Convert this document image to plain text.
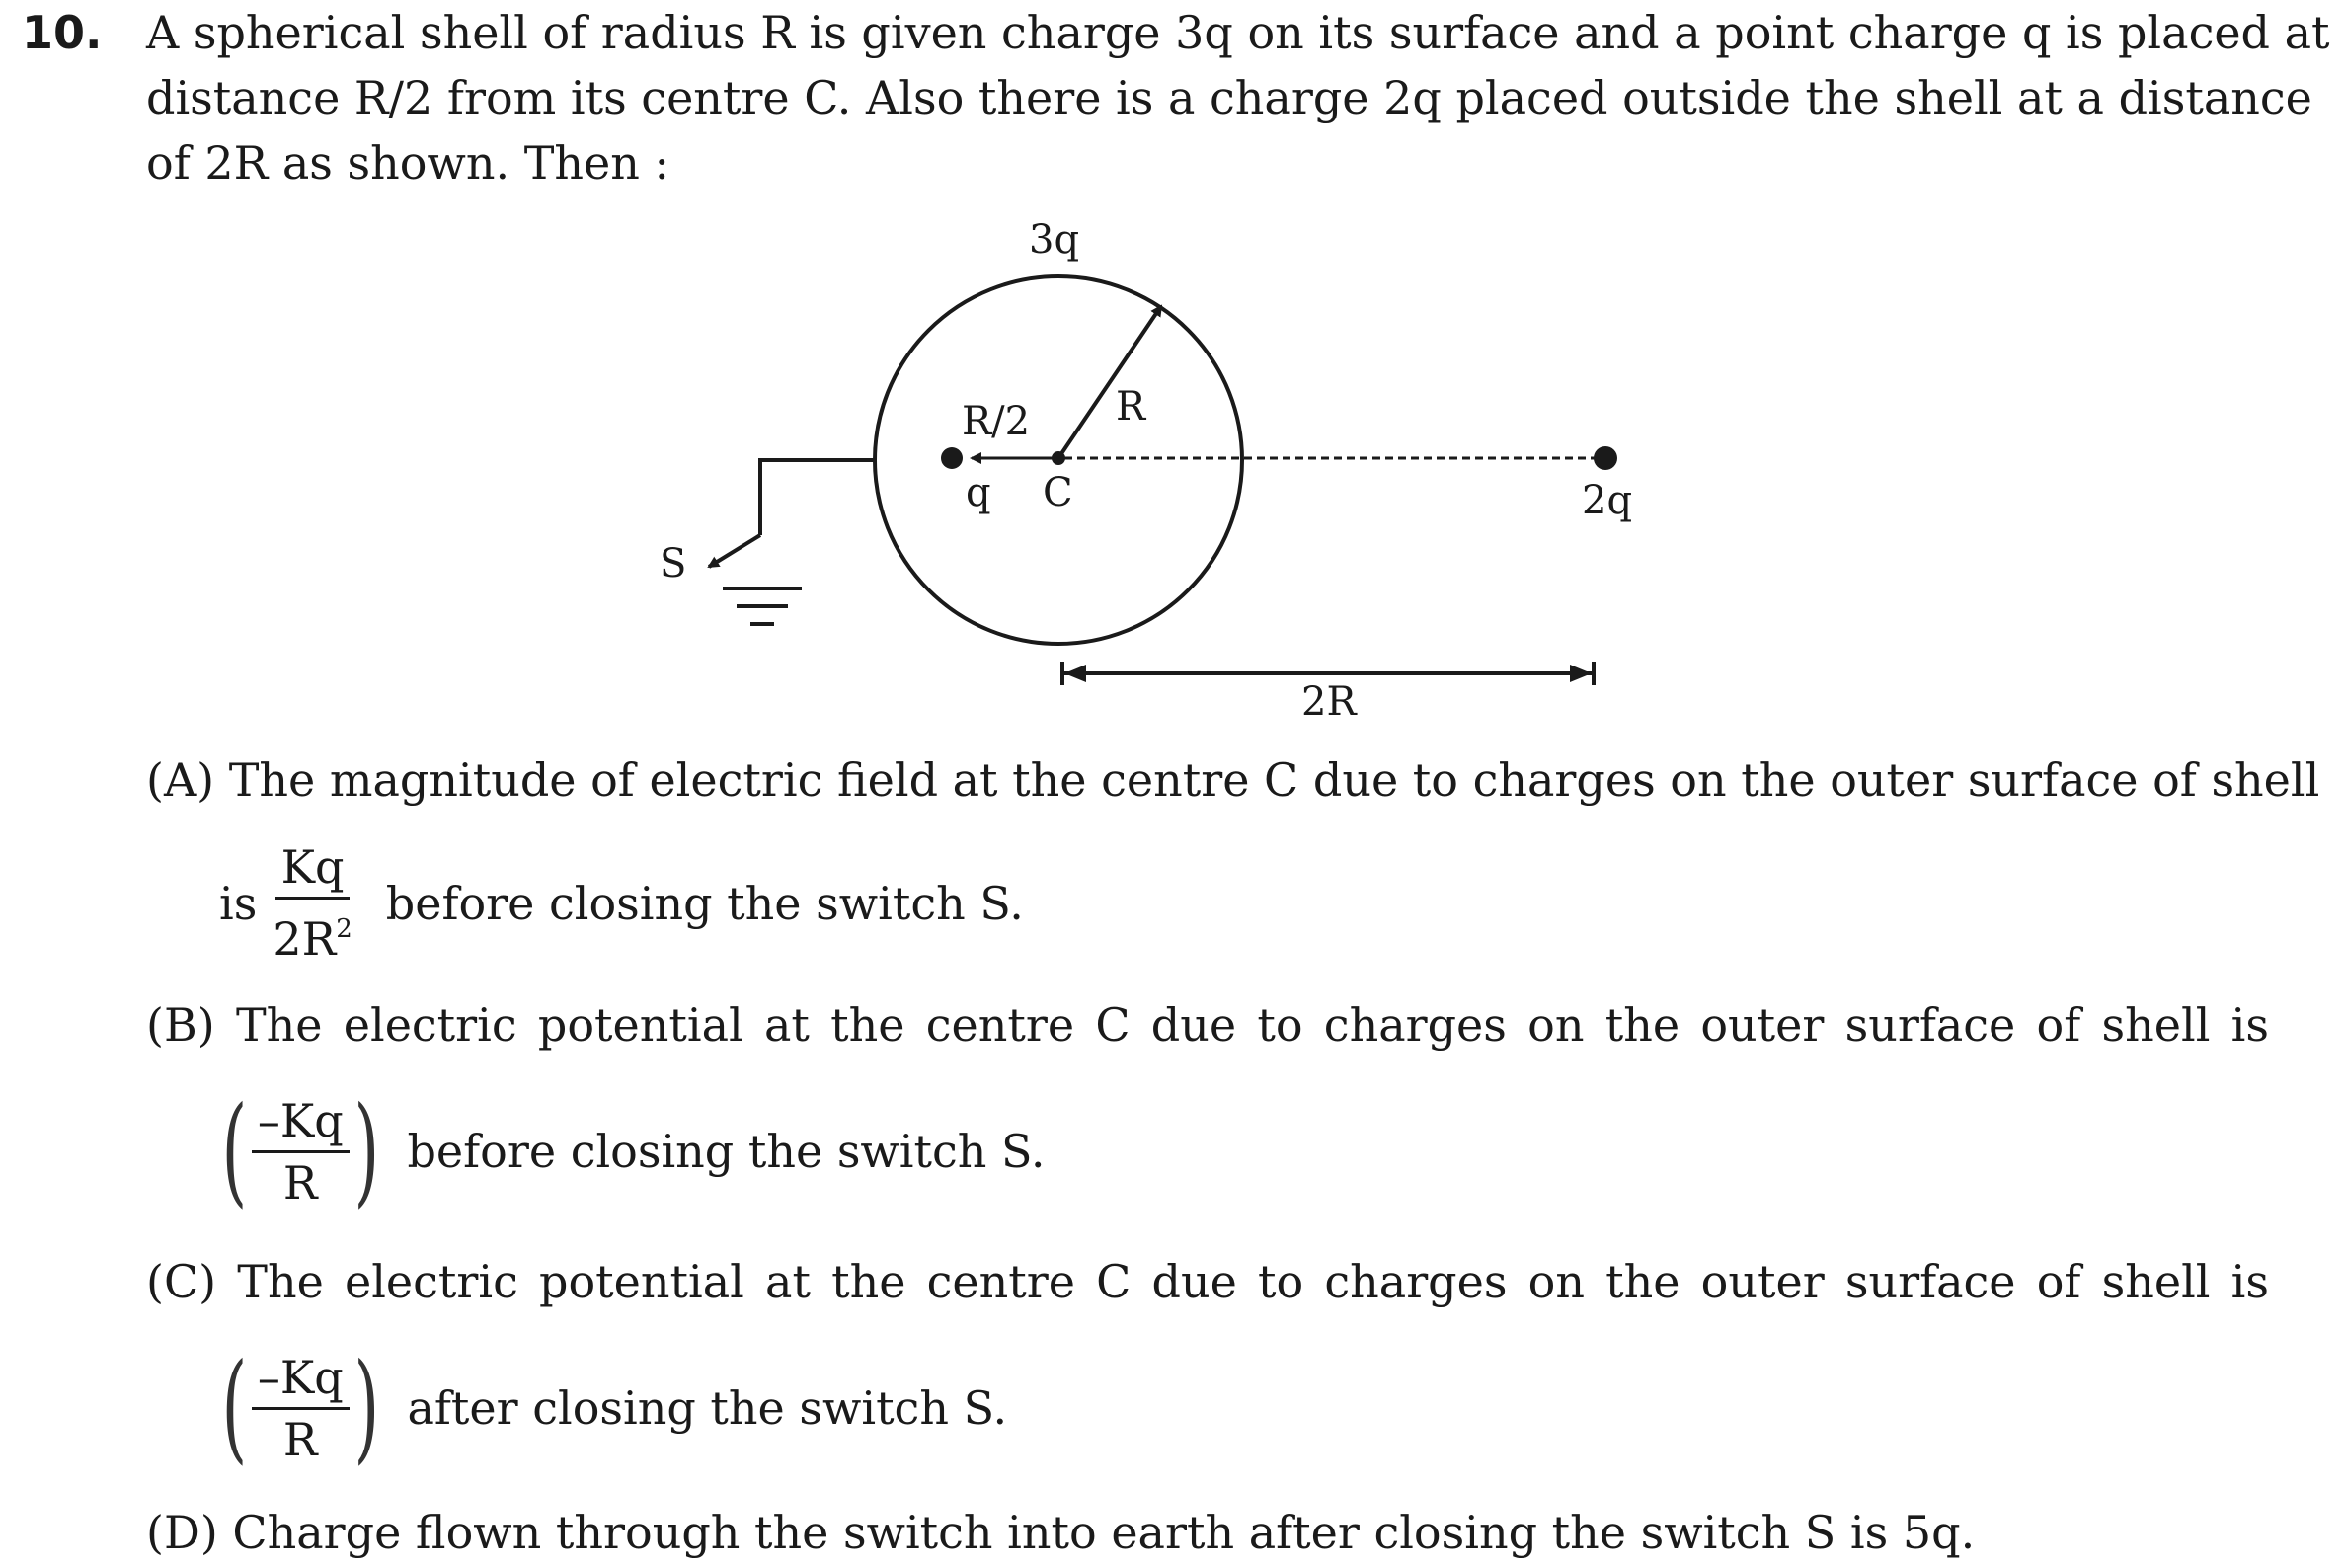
10. A spherical shell of radius R is given charge 3q on its surface and a point charge q is placed at
distance R/2 from its centre C. Also there is a charge 2q placed outside the shell at a distance
of 2R as shown. Then :
3q
R
R/2
q C	2q
S
2R
(A) The magnitude of electric field at the centre C due to charges on the outer surface of shell
is $\frac{Kq}{2R^2}$ before closing the switch S.
(B) The electric potential at the centre C due to charges on the outer surface of shell is
( $\frac{-Kq}{R}$ ) before closing the switch S.
(C) The electric potential at the centre C due to charges on the outer surface of shell is
( $\frac{-Kq}{R}$ ) after closing the switch S.
(D) Charge flown through the switch into earth after closing the switch S is 5q.
